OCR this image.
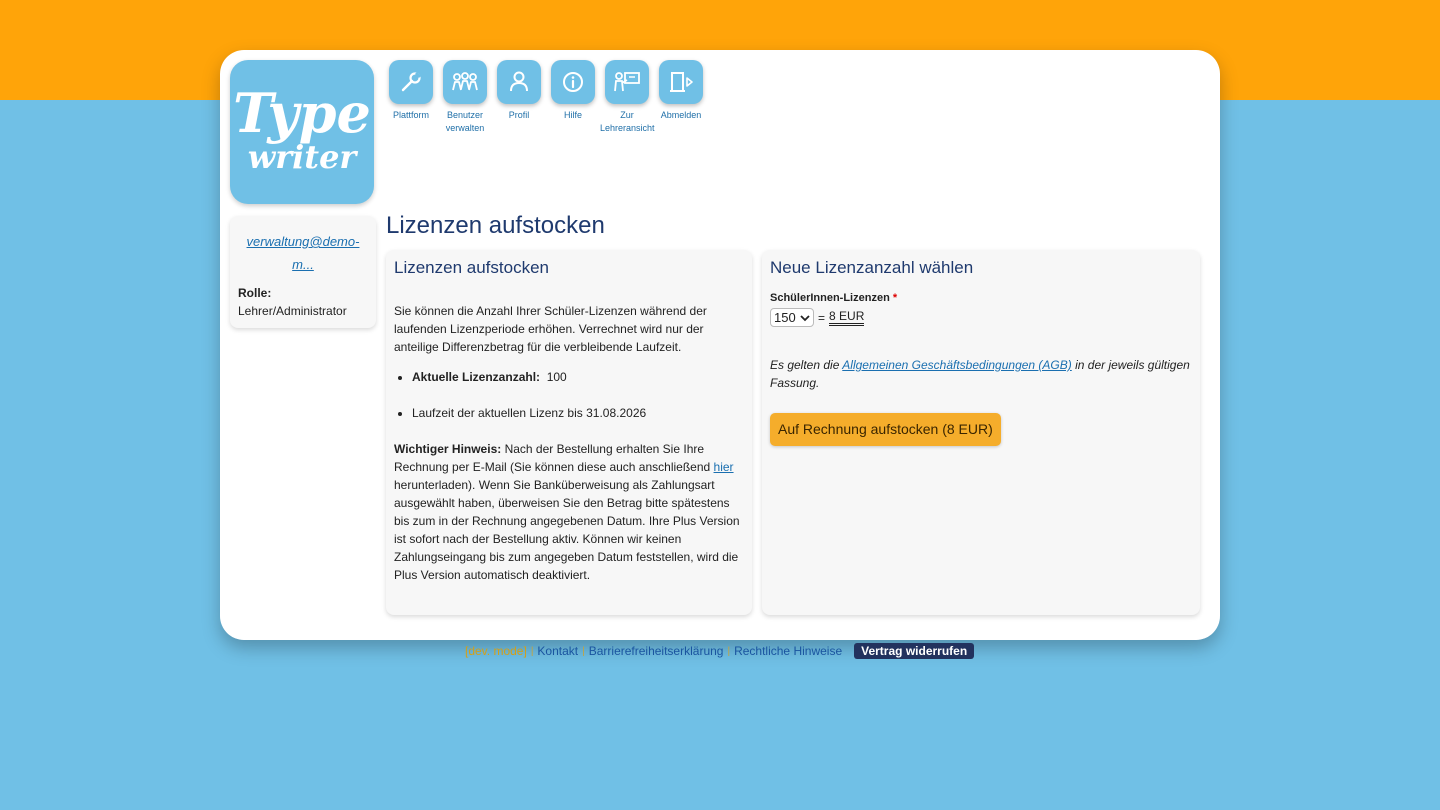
Type
writer
Plattform	Benutzer
verwalten
Profil	Hilfe	Zur
Lehreransicht
Abmelden
verwaltung@demo-
m...
Rolle:
Lehrer/Administrator
Lizenzen aufstocken
Lizenzen aufstocken

Sie können die Anzahl Ihrer Schüler-Lizenzen während der laufenden Lizenzperiode erhöhen. Verrechnet wird nur der anteilige Differenzbetrag für die verbleibende Laufzeit.

• Aktuelle Lizenzanzahl: 100
• Laufzeit der aktuellen Lizenz bis 31.08.2026

Wichtiger Hinweis: Nach der Bestellung erhalten Sie Ihre Rechnung per E-Mail (Sie können diese auch anschließend hier herunterladen). Wenn Sie Banküberweisung als Zahlungsart ausgewählt haben, überweisen Sie den Betrag bitte spätestens bis zum in der Rechnung angegebenen Datum. Ihre Plus Version ist sofort nach der Bestellung aktiv. Können wir keinen Zahlungseingang bis zum angegeben Datum feststellen, wird die Plus Version automatisch deaktiviert.

Neue Lizenzanzahl wählen
SchülerInnen-Lizenzen *
150 = 8 EUR

Es gelten die Allgemeinen Geschäftsbedingungen (AGB) in der jeweils gültigen Fassung.

Auf Rechnung aufstocken (8 EUR)
[dev. mode] | Kontakt | Barrierefreiheitserklärung | Rechtliche Hinweise	Vertrag widerrufen
